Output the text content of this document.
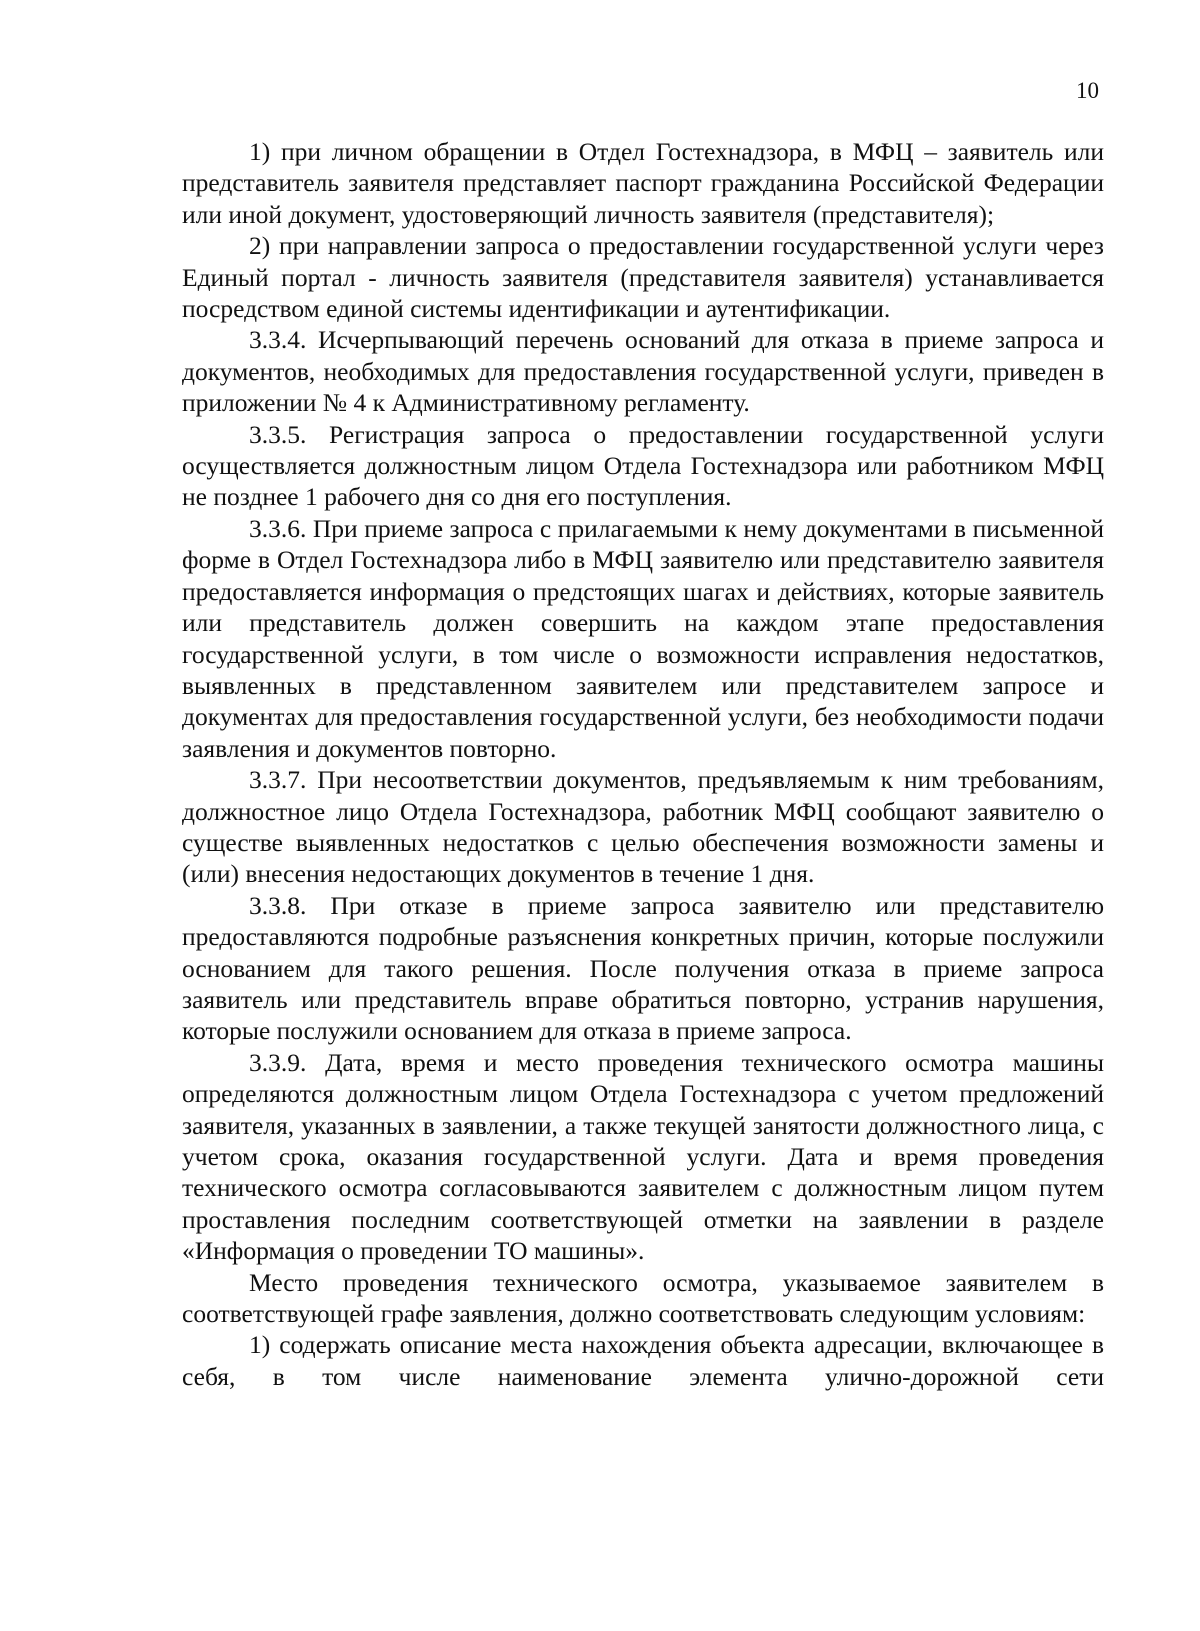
10

1) при личном обращении в Отдел Гостехнадзора, в МФЦ – заявитель или представитель заявителя представляет паспорт гражданина Российской Федерации или иной документ, удостоверяющий личность заявителя (представителя);

2) при направлении запроса о предоставлении государственной услуги через Единый портал - личность заявителя (представителя заявителя) устанавливается посредством единой системы идентификации и аутентификации.

3.3.4. Исчерпывающий перечень оснований для отказа в приеме запроса и документов, необходимых для предоставления государственной услуги, приведен в приложении № 4 к Административному регламенту.

3.3.5. Регистрация запроса о предоставлении государственной услуги осуществляется должностным лицом Отдела Гостехнадзора или работником МФЦ не позднее 1 рабочего дня со дня его поступления.

3.3.6. При приеме запроса с прилагаемыми к нему документами в письменной форме в Отдел Гостехнадзора либо в МФЦ заявителю или представителю заявителя предоставляется информация о предстоящих шагах и действиях, которые заявитель или представитель должен совершить на каждом этапе предоставления государственной услуги, в том числе о возможности исправления недостатков, выявленных в представленном заявителем или представителем запросе и документах для предоставления государственной услуги, без необходимости подачи заявления и документов повторно.

3.3.7. При несоответствии документов, предъявляемым к ним требованиям, должностное лицо Отдела Гостехнадзора, работник МФЦ сообщают заявителю о существе выявленных недостатков с целью обеспечения возможности замены и (или) внесения недостающих документов в течение 1 дня.

3.3.8. При отказе в приеме запроса заявителю или представителю предоставляются подробные разъяснения конкретных причин, которые послужили основанием для такого решения. После получения отказа в приеме запроса заявитель или представитель вправе обратиться повторно, устранив нарушения, которые послужили основанием для отказа в приеме запроса.

3.3.9. Дата, время и место проведения технического осмотра машины определяются должностным лицом Отдела Гостехнадзора с учетом предложений заявителя, указанных в заявлении, а также текущей занятости должностного лица, с учетом срока, оказания государственной услуги. Дата и время проведения технического осмотра согласовываются заявителем с должностным лицом путем проставления последним соответствующей отметки на заявлении в разделе «Информация о проведении ТО машины».

Место проведения технического осмотра, указываемое заявителем в соответствующей графе заявления, должно соответствовать следующим условиям:

1) содержать описание места нахождения объекта адресации, включающее в себя, в том числе наименование элемента улично-дорожной сети
